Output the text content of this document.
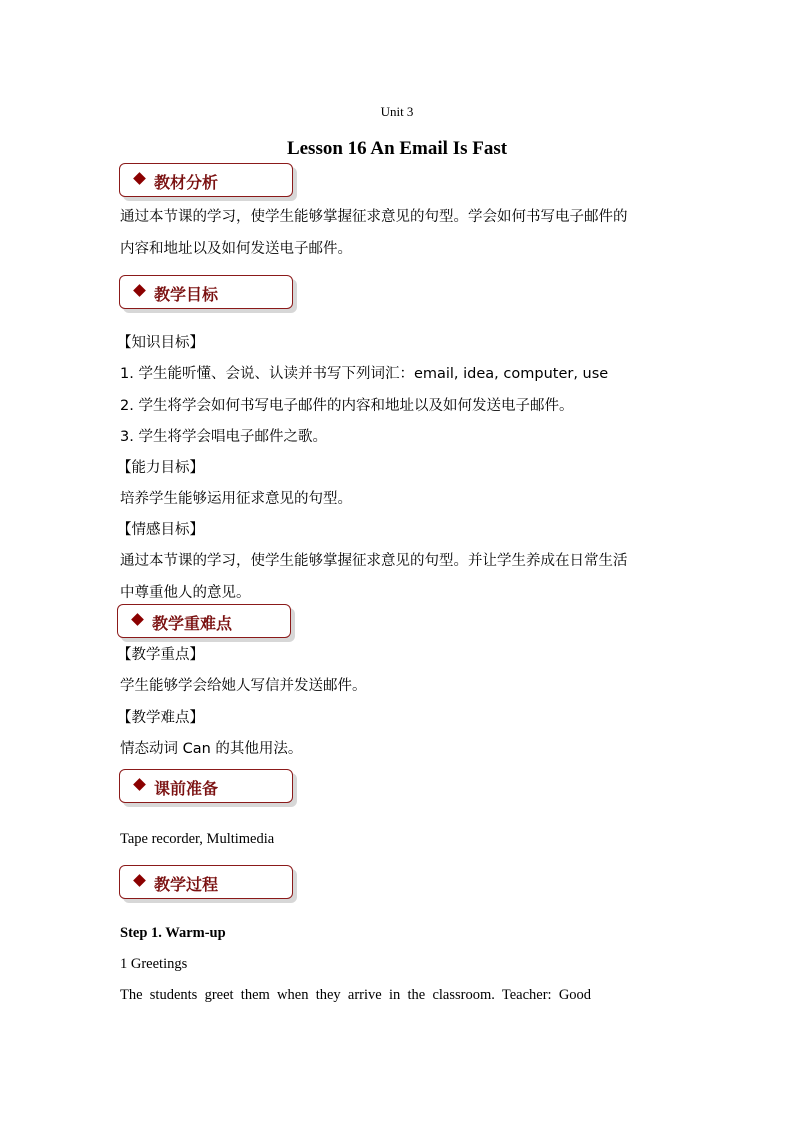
Unit 3
Lesson 16 An Email Is Fast
教材分析
通过本节课的学习，使学生能够掌握征求意见的句型。学会如何书写电子邮件的
内容和地址以及如何发送电子邮件。
教学目标
【知识目标】
1. 学生能听懂、会说、认读并书写下列词汇：email, idea, computer, use
2. 学生将学会如何书写电子邮件的内容和地址以及如何发送电子邮件。
3. 学生将学会唱电子邮件之歌。
【能力目标】
培养学生能够运用征求意见的句型。
【情感目标】
通过本节课的学习，使学生能够掌握征求意见的句型。并让学生养成在日常生活
中尊重他人的意见。
教学重难点
【教学重点】
学生能够学会给她人写信并发送邮件。
【教学难点】
情态动词 Can 的其他用法。
课前准备
Tape recorder, Multimedia
教学过程
Step 1. Warm-up
1 Greetings
The  students  greet  them  when  they  arrive  in  the  classroom.  Teacher:  Good
